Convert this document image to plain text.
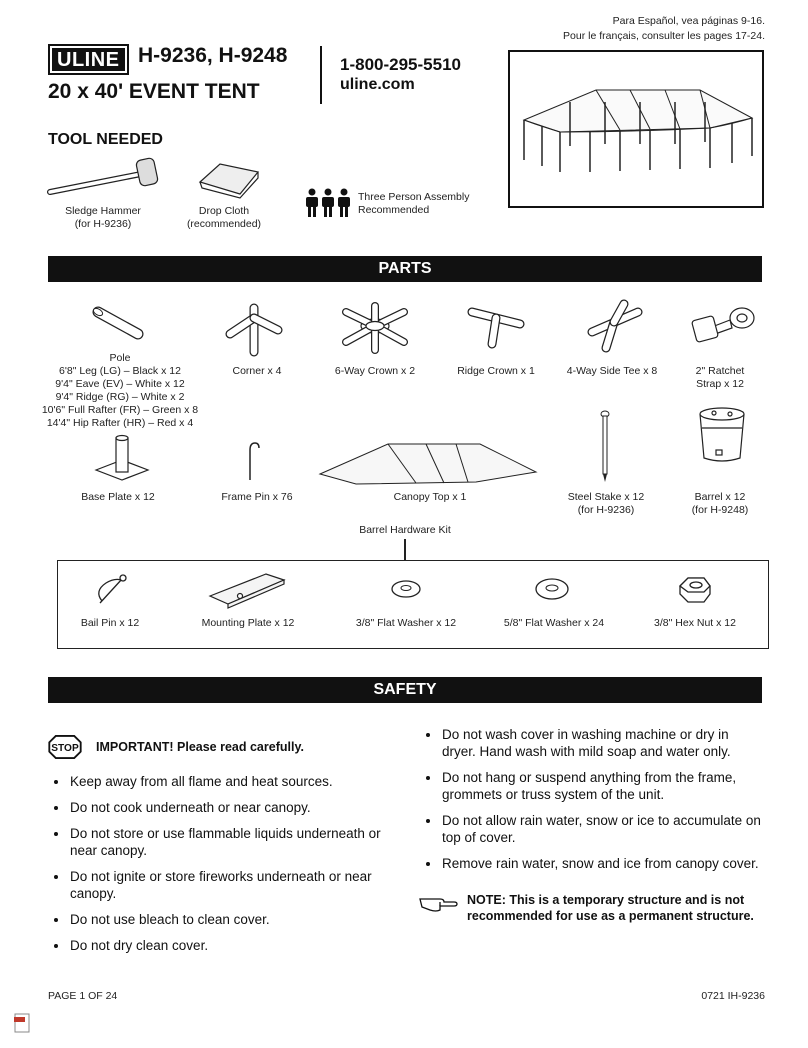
Para Español, vea páginas 9-16.
Pour le français, consulter les pages 17-24.
ULINE H-9236, H-9248
20 x 40' EVENT TENT
1-800-295-5510
uline.com
TOOL NEEDED
Sledge Hammer
(for H-9236)
Drop Cloth
(recommended)
Three Person Assembly
Recommended
PARTS
Pole
6'8" Leg (LG) – Black x 12
9'4" Eave (EV) – White x 12
9'4" Ridge (RG) – White x 2
10'6" Full Rafter (FR) – Green x 8
14'4" Hip Rafter (HR) – Red x 4
Corner x 4	6-Way Crown x 2	Ridge Crown x 1	4-Way Side Tee x 8	2" Ratchet
Strap x 12
Base Plate x 12	Frame Pin x 76	Canopy Top x 1	Steel Stake x 12
(for H-9236)
Barrel x 12
(for H-9248)
Barrel Hardware Kit
Bail Pin x 12	Mounting Plate x 12	3/8" Flat Washer x 12	5/8" Flat Washer x 24	3/8" Hex Nut x 12
SAFETY
STOP IMPORTANT! Please read carefully.
Keep away from all flame and heat sources.
Do not cook underneath or near canopy.
Do not store or use flammable liquids underneath or near canopy.
Do not ignite or store fireworks underneath or near canopy.
Do not use bleach to clean cover.
Do not dry clean cover.
Do not wash cover in washing machine or dry in dryer. Hand wash with mild soap and water only.
Do not hang or suspend anything from the frame, grommets or truss system of the unit.
Do not allow rain water, snow or ice to accumulate on top of cover.
Remove rain water, snow and ice from canopy cover.
NOTE: This is a temporary structure and is not recommended for use as a permanent structure.
PAGE 1 OF 24	0721 IH-9236
